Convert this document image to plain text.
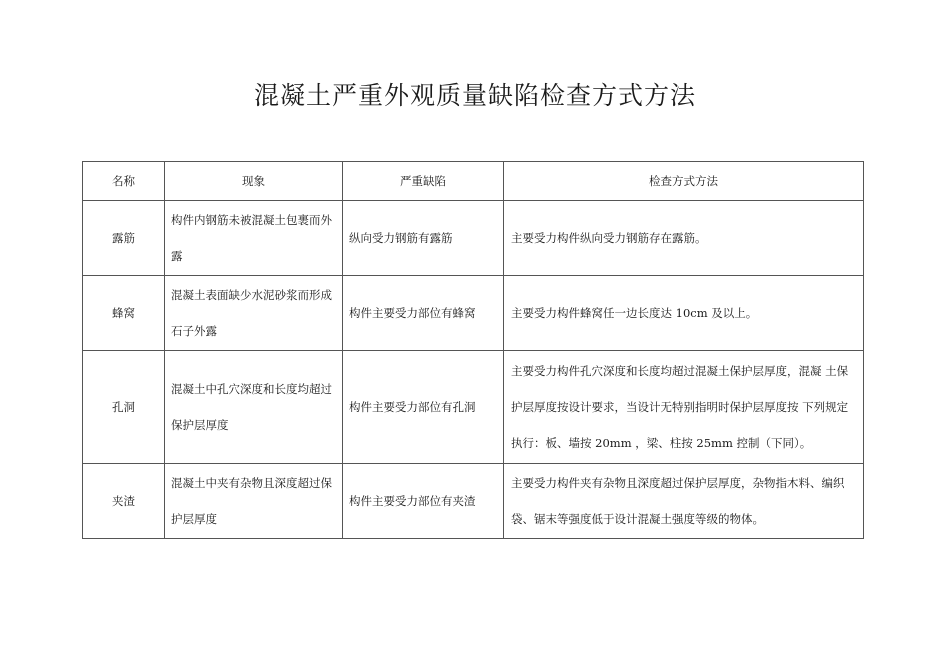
混凝土严重外观质量缺陷检查方式方法
名称	现象	严重缺陷	检查方式方法
露筋	构件内钢筋未被混凝土包裹而外露	纵向受力钢筋有露筋	主要受力构件纵向受力钢筋存在露筋。
蜂窝	混凝土表面缺少水泥砂浆而形成石子外露	构件主要受力部位有蜂窝	主要受力构件蜂窝任一边长度达 10cm 及以上。
孔洞	混凝土中孔穴深度和长度均超过保护层厚度	构件主要受力部位有孔洞	主要受力构件孔穴深度和长度均超过混凝土保护层厚度，混凝 土保护层厚度按设计要求，当设计无特别指明时保护层厚度按 下列规定执行：板、墙按 20mm ，梁、柱按 25mm 控制（下同）。
夹渣	混凝土中夹有杂物且深度超过保护层厚度	构件主要受力部位有夹渣	主要受力构件夹有杂物且深度超过保护层厚度，杂物指木料、编织袋、锯末等强度低于设计混凝土强度等级的物体。
